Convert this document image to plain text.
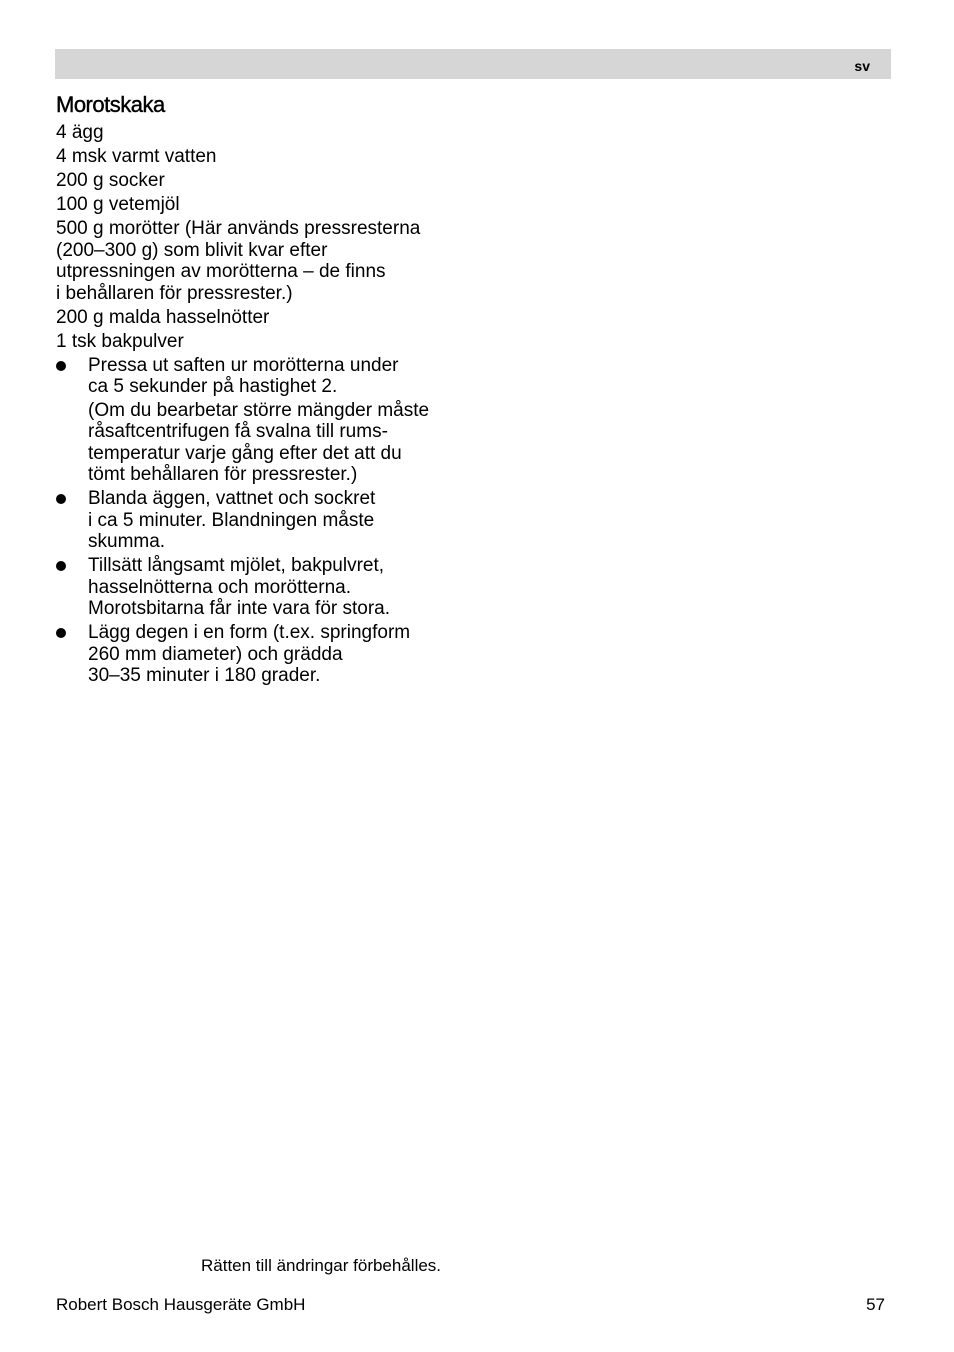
sv
Morotskaka
4 ägg
4 msk varmt vatten
200 g socker
100 g vetemjöl
500 g morötter (Här används pressresterna
(200–300 g) som blivit kvar efter
utpressningen av morötterna – de finns
i behållaren för pressrester.)
200 g malda hasselnötter
1 tsk bakpulver
Pressa ut saften ur morötterna under
ca 5 sekunder på hastighet 2.
(Om du bearbetar större mängder måste
råsaftcentrifugen få svalna till rums-
temperatur varje gång efter det att du
tömt behållaren för pressrester.)
Blanda äggen, vattnet och sockret
i ca 5 minuter. Blandningen måste
skumma.
Tillsätt långsamt mjölet, bakpulvret,
hasselnötterna och morötterna.
Morotsbitarna får inte vara för stora.
Lägg degen i en form (t.ex. springform
260 mm diameter) och grädda
30–35 minuter i 180 grader.
Rätten till ändringar förbehålles.
Robert Bosch Hausgeräte GmbH	57
